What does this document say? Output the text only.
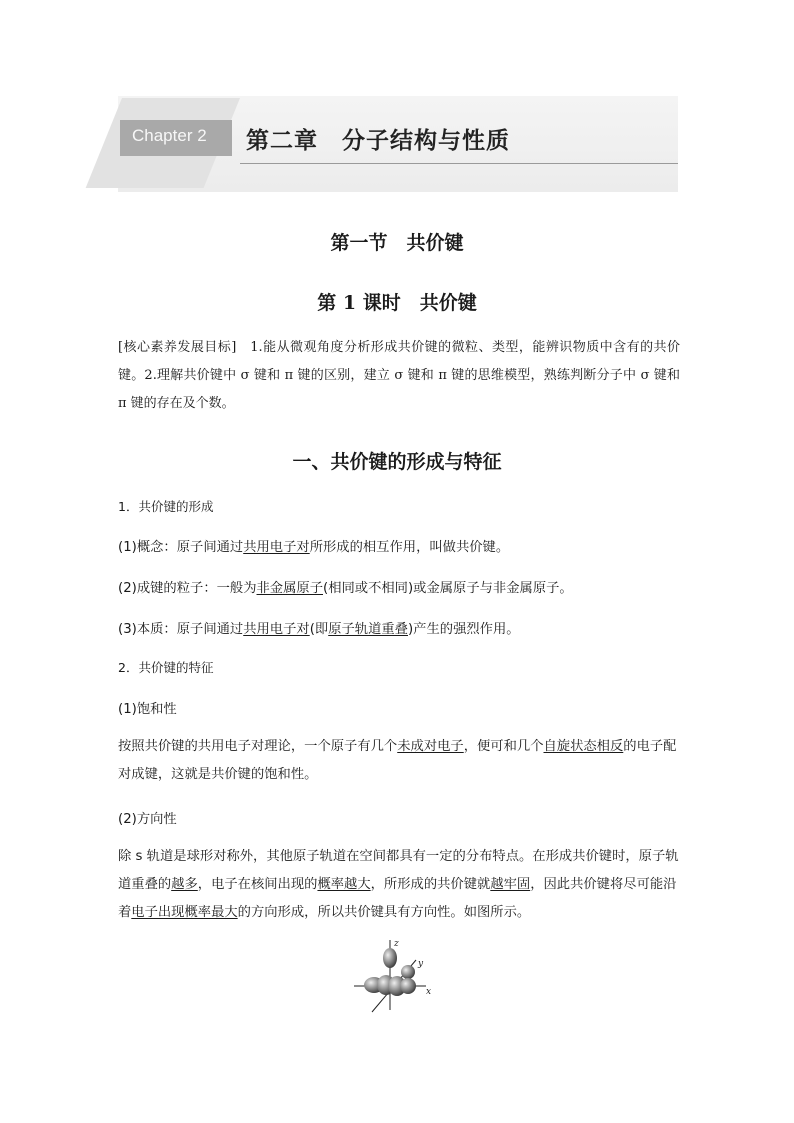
Chapter 2 第二章　分子结构与性质
第一节　共价键
第 1 课时　共价键
[核心素养发展目标]　1.能从微观角度分析形成共价键的微粒、类型，能辨识物质中含有的共价键。2.理解共价键中 σ 键和 π 键的区别，建立 σ 键和 π 键的思维模型，熟练判断分子中 σ 键和 π 键的存在及个数。
一、共价键的形成与特征
1．共价键的形成
(1)概念：原子间通过共用电子对所形成的相互作用，叫做共价键。
(2)成键的粒子：一般为非金属原子(相同或不相同)或金属原子与非金属原子。
(3)本质：原子间通过共用电子对(即原子轨道重叠)产生的强烈作用。
2．共价键的特征
(1)饱和性
按照共价键的共用电子对理论，一个原子有几个未成对电子，便可和几个自旋状态相反的电子配对成键，这就是共价键的饱和性。
(2)方向性
除 s 轨道是球形对称外，其他原子轨道在空间都具有一定的分布特点。在形成共价键时，原子轨道重叠的越多，电子在核间出现的概率越大，所形成的共价键就越牢固，因此共价键将尽可能沿着电子出现概率最大的方向形成，所以共价键具有方向性。如图所示。
z
y
x
